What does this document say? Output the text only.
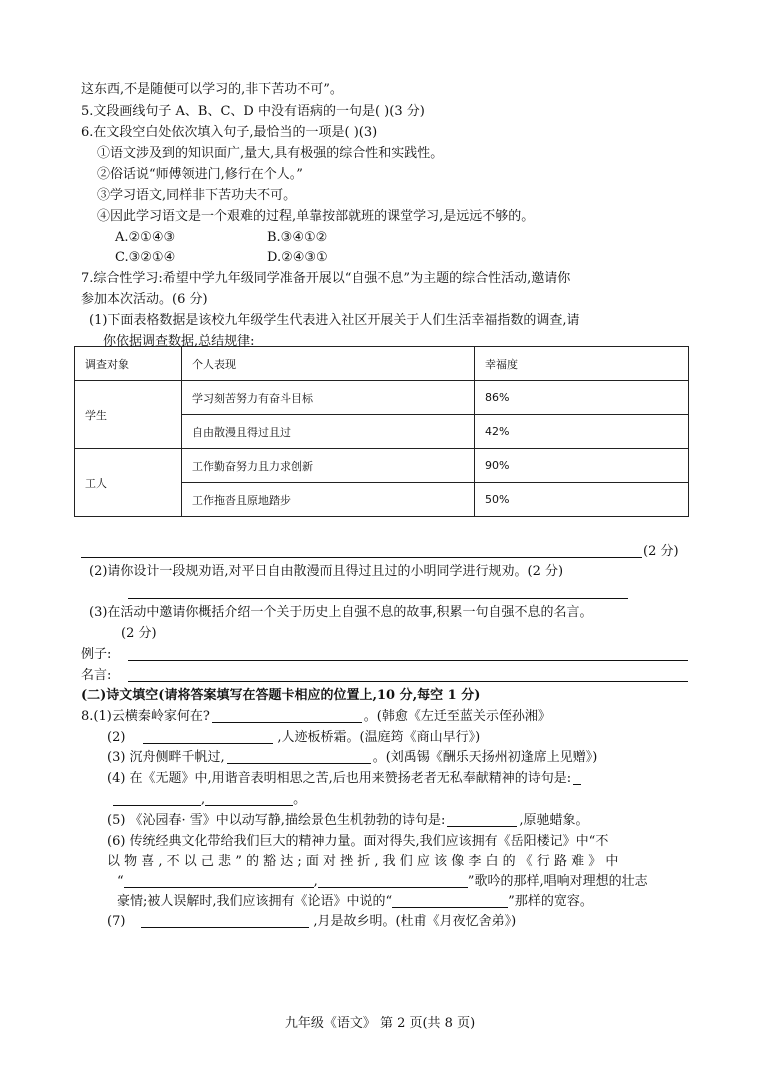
这东西,不是随便可以学习的,非下苦功不可”。
5.文段画线句子 A、B、C、D 中没有语病的一句是( )(3 分)
6.在文段空白处依次填入句子,最恰当的一项是( )(3)
①语文涉及到的知识面广,量大,具有极强的综合性和实践性。
②俗话说“师傅领进门,修行在个人。”
③学习语文,同样非下苦功夫不可。
④因此学习语文是一个艰难的过程,单靠按部就班的课堂学习,是远远不够的。
A.②①④③	B.③④①②
C.③②①④	D.②④③①
7.综合性学习:希望中学九年级同学准备开展以“自强不息”为主题的综合性活动,邀请你
参加本次活动。(6 分)
(1)下面表格数据是该校九年级学生代表进入社区开展关于人们生活幸福指数的调查,请
你依据调查数据,总结规律:
调查对象	个人表现	幸福度
学生	学习刻苦努力有奋斗目标	86%
	自由散漫且得过且过	42%
工人	工作勤奋努力且力求创新	90%
	工作拖沓且原地踏步	50%
(2 分)
(2)请你设计一段规劝语,对平日自由散漫而且得过且过的小明同学进行规劝。(2 分)
(3)在活动中邀请你概括介绍一个关于历史上自强不息的故事,积累一句自强不息的名言。
(2 分)
例子:
名言:
(二)诗文填空(请将答案填写在答题卡相应的位置上,10 分,每空 1 分)
8.(1)云横秦岭家何在?	。(韩愈《左迁至蓝关示侄孙湘》
(2)	,人迹板桥霜。(温庭筠《商山早行》)
(3) 沉舟侧畔千帆过,	。(刘禹锡《酬乐天扬州初逢席上见赠》)
(4) 在《无题》中,用谐音表明相思之苦,后也用来赞扬老者无私奉献精神的诗句是:
,	。
(5) 《沁园春· 雪》中以动写静,描绘景色生机勃勃的诗句是:	,原驰蜡象。
(6) 传统经典文化带给我们巨大的精神力量。面对得失,我们应该拥有《岳阳楼记》中“不
以 物 喜 , 不 以 己 悲 ” 的 豁 达 ; 面 对 挫 折 , 我 们 应 该 像 李 白 的 《 行 路 难 》 中
“	,	”歌吟的那样,唱响对理想的壮志
豪情;被人误解时,我们应该拥有《论语》中说的“	”那样的宽容。
(7)	,月是故乡明。(杜甫《月夜忆舍弟》)
九年级《语文》 第 2 页(共 8 页)
